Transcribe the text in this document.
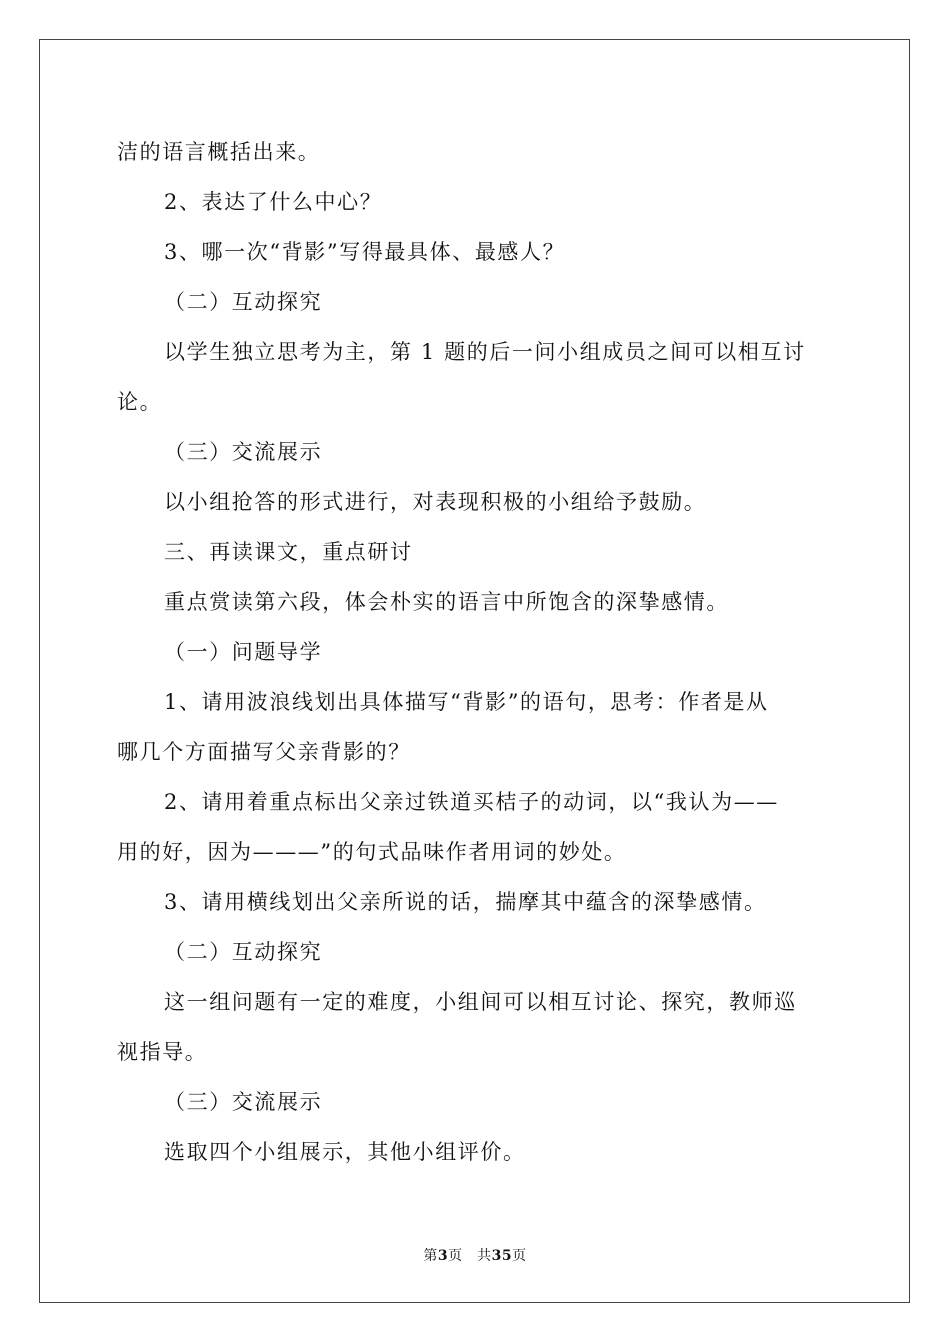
洁的语言概括出来。
2、表达了什么中心？
3、哪一次“背影”写得最具体、最感人？
（二）互动探究
以学生独立思考为主，第 1 题的后一问小组成员之间可以相互讨
论。
（三）交流展示
以小组抢答的形式进行，对表现积极的小组给予鼓励。
三、再读课文，重点研讨
重点赏读第六段，体会朴实的语言中所饱含的深挚感情。
（一）问题导学
1、请用波浪线划出具体描写“背影”的语句，思考：作者是从
哪几个方面描写父亲背影的？
2、请用着重点标出父亲过铁道买桔子的动词，以“我认为——
用的好，因为———”的句式品味作者用词的妙处。
3、请用横线划出父亲所说的话，揣摩其中蕴含的深挚感情。
（二）互动探究
这一组问题有一定的难度，小组间可以相互讨论、探究，教师巡
视指导。
（三）交流展示
选取四个小组展示，其他小组评价。
第3页　共35页
